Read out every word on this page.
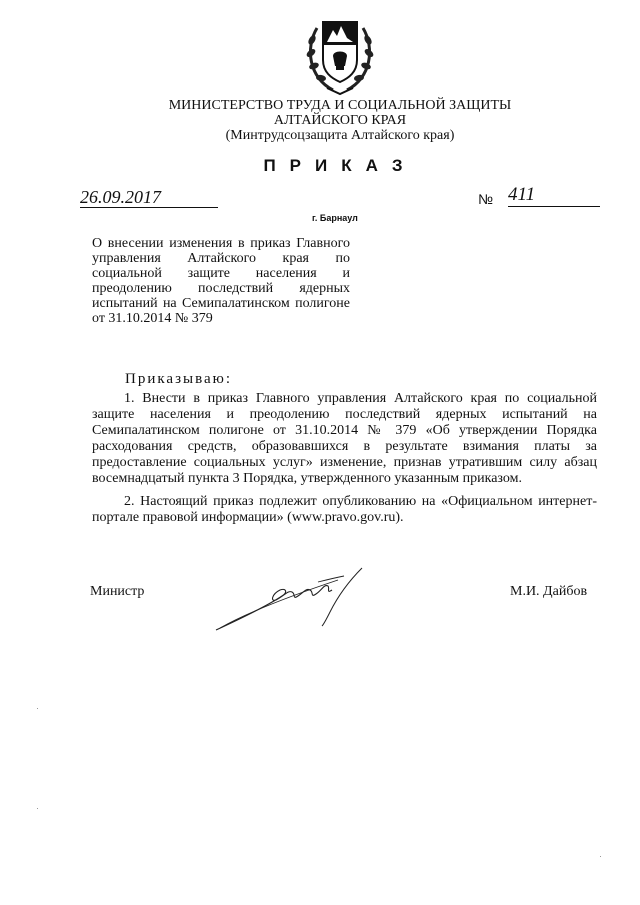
МИНИСТЕРСТВО ТРУДА И СОЦИАЛЬНОЙ ЗАЩИТЫ
АЛТАЙСКОГО КРАЯ
(Минтрудсоцзащита Алтайского края)
ПРИКАЗ
26.09.2017	№ 411
г. Барнаул
О внесении изменения в приказ Главного управления Алтайского края по социальной защите населения и преодолению последствий ядерных испытаний на Семипалатинском полигоне от 31.10.2014 № 379
Приказываю:
1. Внести в приказ Главного управления Алтайского края по социальной защите населения и преодолению последствий ядерных испытаний на Семипалатинском полигоне от 31.10.2014 № 379 «Об утверждении Порядка расходования средств, образовавшихся в результате взимания платы за предоставление социальных услуг» изменение, признав утратившим силу абзац восемнадцатый пункта 3 Порядка, утвержденного указанным приказом.
2. Настоящий приказ подлежит опубликованию на «Официальном интернет-портале правовой информации» (www.pravo.gov.ru).
Министр	М.И. Дайбов
